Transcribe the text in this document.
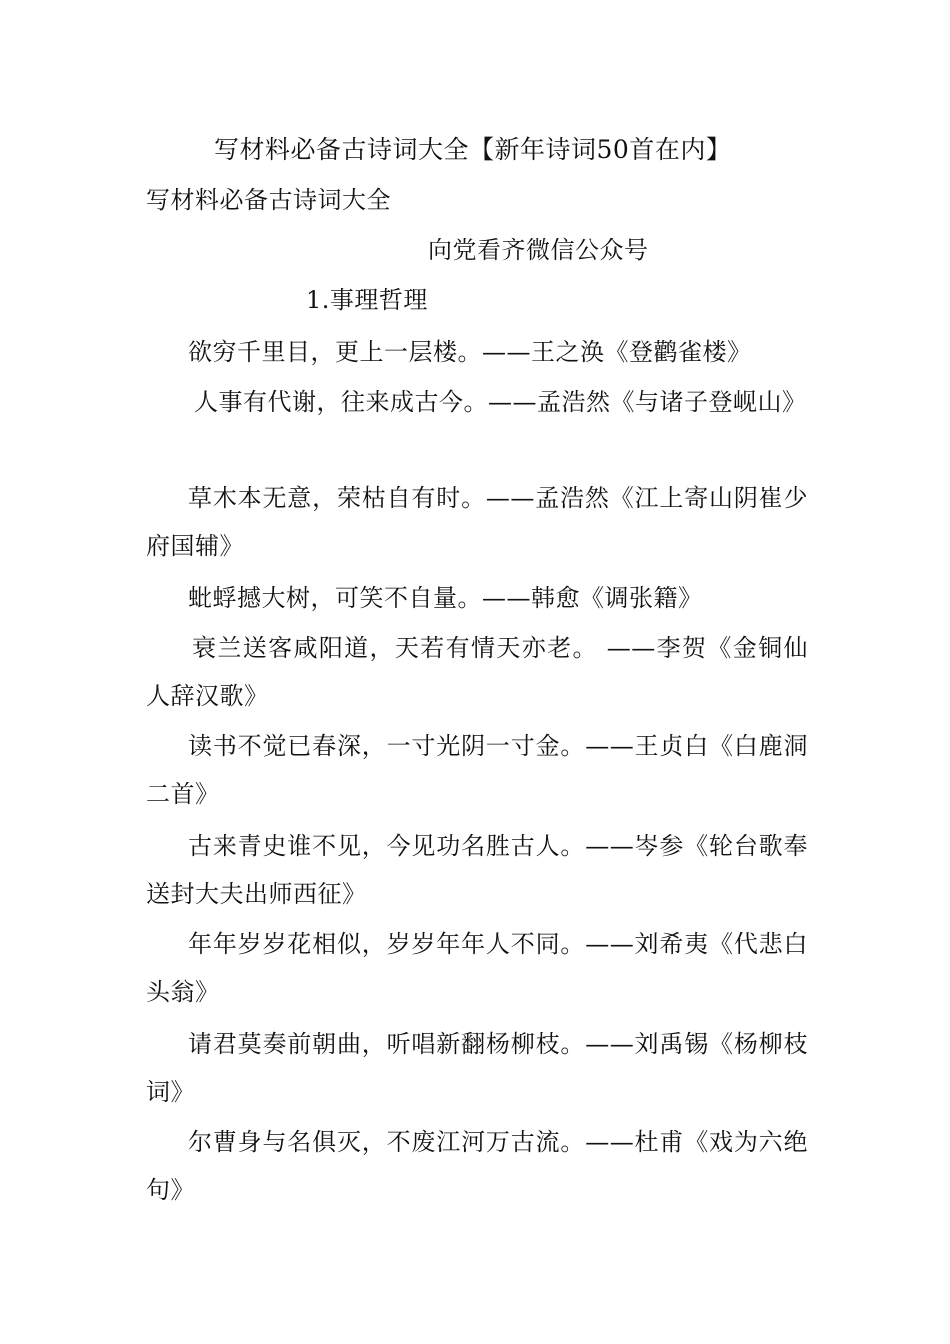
写材料必备古诗词大全【新年诗词50首在内】
写材料必备古诗词大全
向党看齐微信公众号
1.事理哲理
欲穷千里目，更上一层楼。——王之涣《登鹳雀楼》
人事有代谢，往来成古今。——孟浩然《与诸子登岘山》
草木本无意，荣枯自有时。——孟浩然《江上寄山阴崔少府国辅》
蚍蜉撼大树，可笑不自量。——韩愈《调张籍》
衰兰送客咸阳道，天若有情天亦老。 ——李贺《金铜仙人辞汉歌》
读书不觉已春深，一寸光阴一寸金。——王贞白《白鹿洞二首》
古来青史谁不见，今见功名胜古人。——岑参《轮台歌奉送封大夫出师西征》
年年岁岁花相似，岁岁年年人不同。——刘希夷《代悲白头翁》
请君莫奏前朝曲，听唱新翻杨柳枝。——刘禹锡《杨柳枝词》
尔曹身与名俱灭，不废江河万古流。——杜甫《戏为六绝句》
